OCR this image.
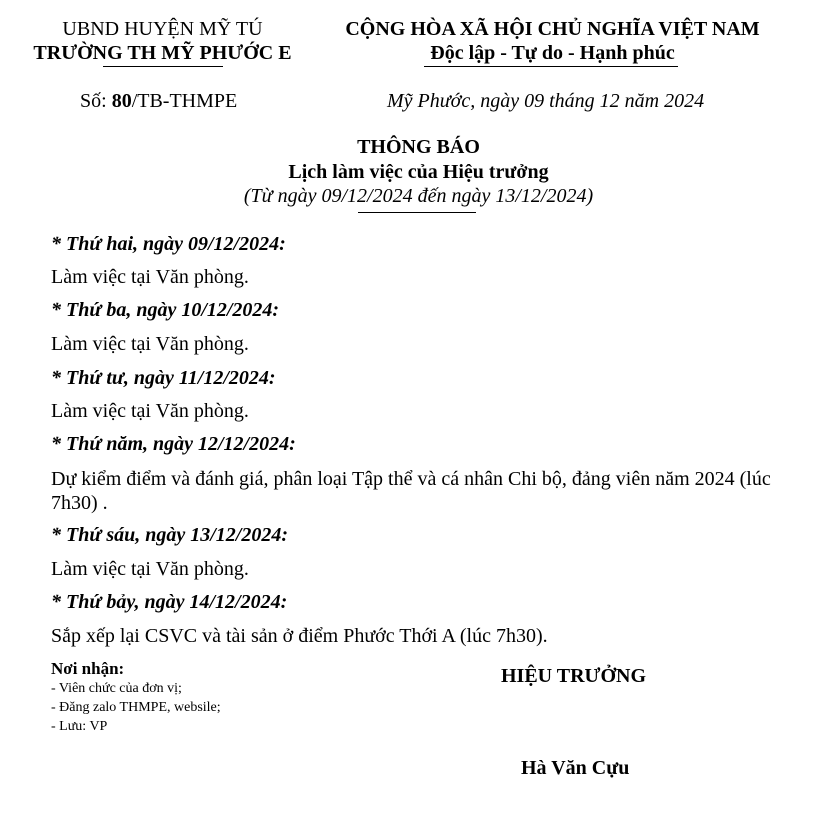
UBND HUYỆN MỸ TÚ
TRƯỜNG TH MỸ PHƯỚC E
CỘNG HÒA XÃ HỘI CHỦ NGHĨA VIỆT NAM
Độc lập - Tự do - Hạnh phúc
Số: 80/TB-THMPE	Mỹ Phước, ngày 09 tháng 12 năm 2024
THÔNG BÁO
Lịch làm việc của Hiệu trưởng
(Từ ngày 09/12/2024 đến ngày 13/12/2024)
* Thứ hai, ngày 09/12/2024:
Làm việc tại Văn phòng.
* Thứ ba, ngày 10/12/2024:
Làm việc tại Văn phòng.
* Thứ tư, ngày 11/12/2024:
Làm việc tại Văn phòng.
* Thứ năm, ngày 12/12/2024:
Dự kiểm điểm và đánh giá, phân loại Tập thể và cá nhân Chi bộ, đảng viên năm 2024 (lúc 7h30) .
* Thứ sáu, ngày 13/12/2024:
Làm việc tại Văn phòng.
* Thứ bảy, ngày 14/12/2024:
Sắp xếp lại CSVC và tài sản ở điểm Phước Thới A (lúc 7h30).
Nơi nhận:
- Viên chức của đơn vị;
- Đăng zalo THMPE, websile;
- Lưu: VP
HIỆU TRƯỞNG
Hà Văn Cựu
